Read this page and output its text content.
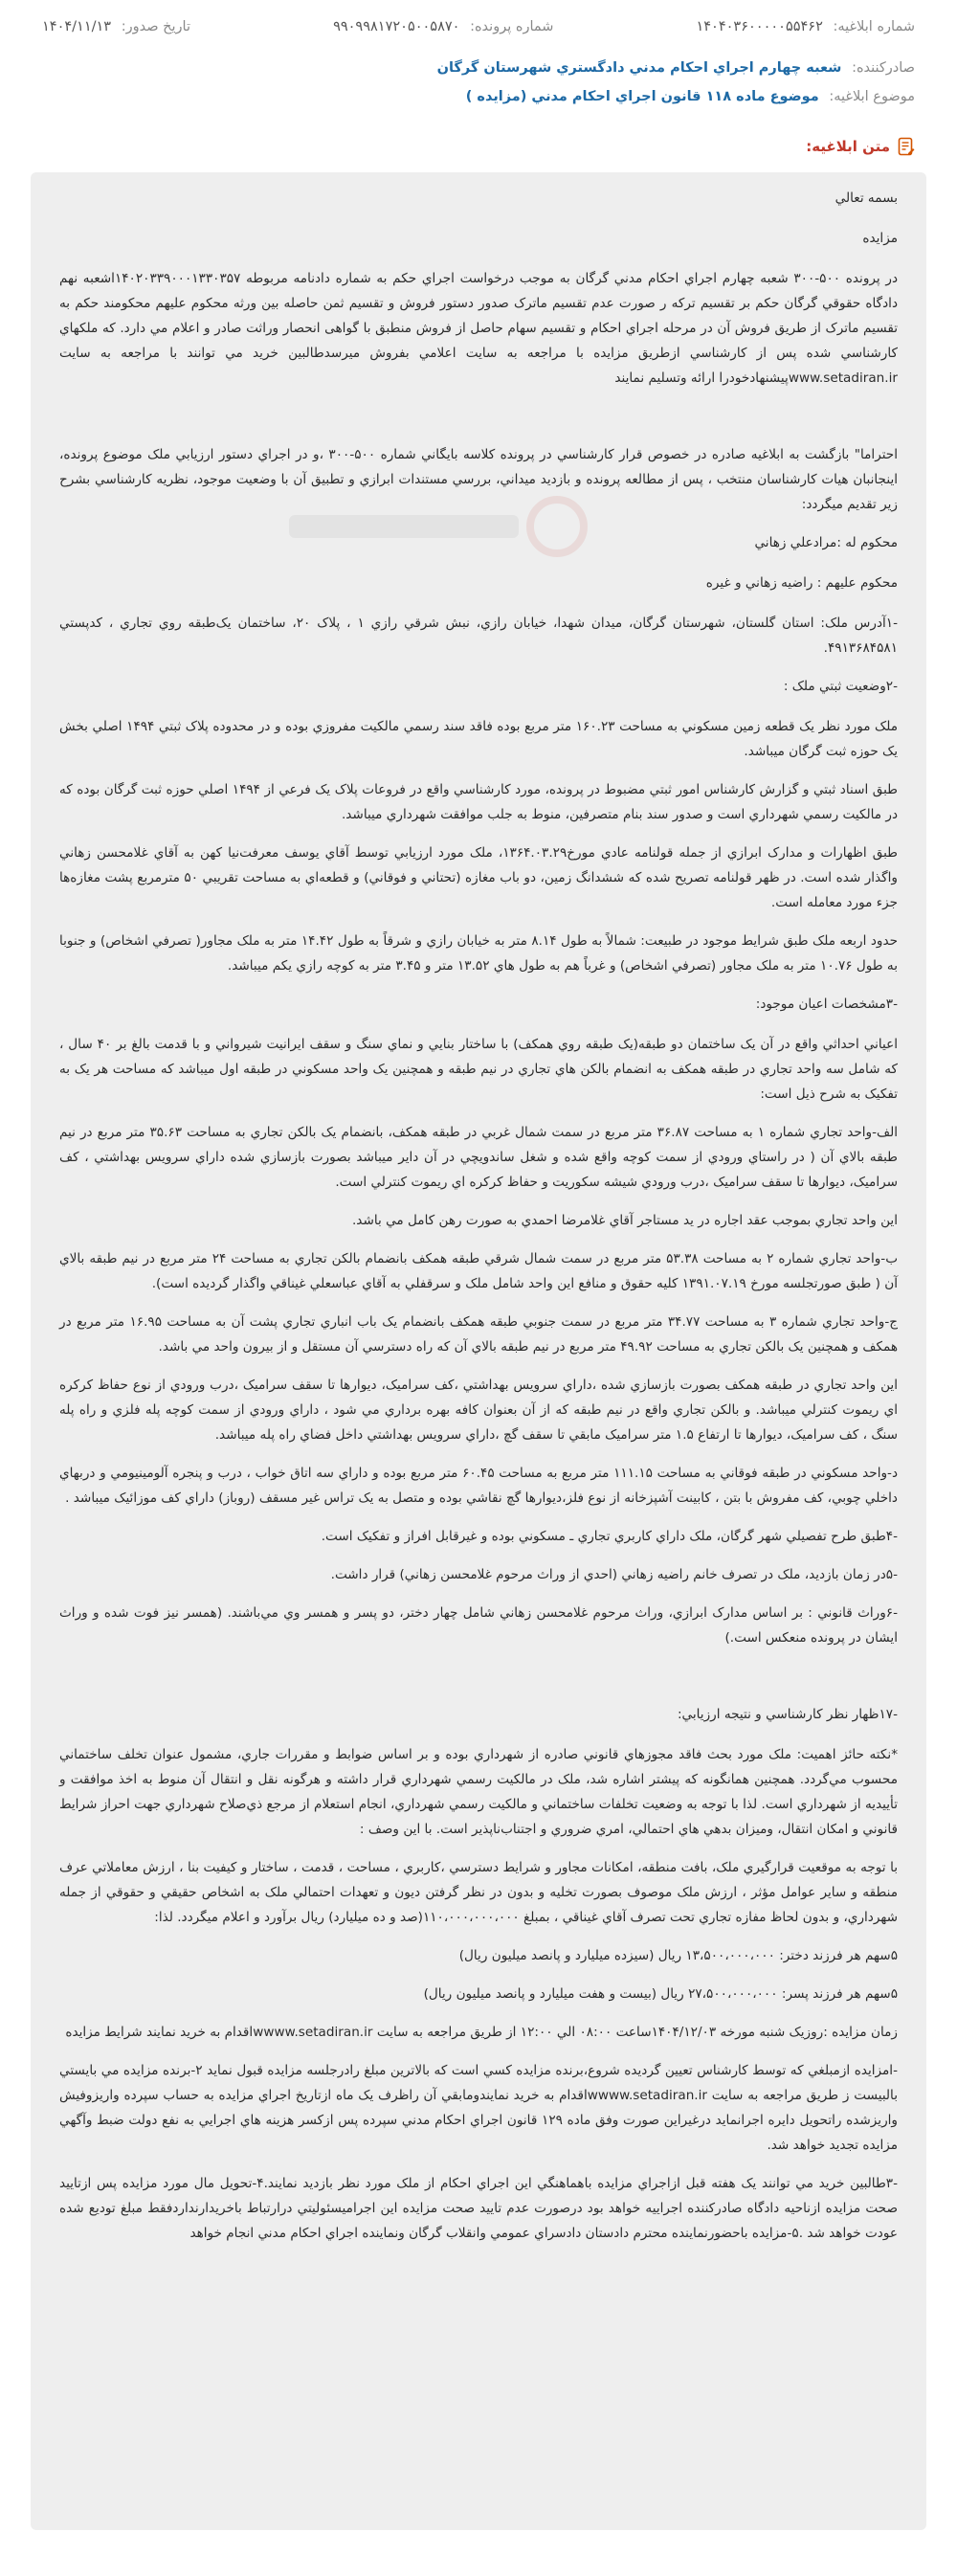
شماره ابلاغیه: ۱۴۰۴۰۳۶۰۰۰۰۰۵۵۴۶۲
شماره پرونده: ۹۹۰۹۹۸۱۷۲۰۵۰۰۵۸۷۰
تاریخ صدور: ۱۴۰۴/۱۱/۱۳
صادرکننده: شعبه چهارم اجراي احکام مدني دادگستري شهرستان گرگان
موضوع ابلاغیه: موضوع ماده ۱۱۸ قانون اجراي احکام مدني (مزايده )
متن ابلاغیه:

بسمه تعالي

مزايده

در پرونده ۵۰۰-۳۰۰ شعبه چهارم اجراي احکام مدني گرگان به موجب درخواست اجراي حکم به شماره دادنامه مربوطه ۱۴۰۲۰۳۳۹۰۰۰۱۳۳۰۳۵۷اشعبه نهم دادگاه حقوقي گرگان حکم بر تقسیم ترکه ر صورت عدم تقسیم ماترک صدور دستور فروش و تقسیم ثمن حاصله بین ورثه محکوم علیهم محکومند حکم به تقسیم ماترک از طريق فروش آن در مرحله اجراي احکام و تقسیم سهام حاصل از فروش منطبق با گواهی انحصار وراثت صادر و اعلام مي دارد. که ملکهاي کارشناسي شده پس از کارشناسي ازطريق مزايده با مراجعه به سايت اعلامي بفروش ميرسدطالبين خريد مي توانند با مراجعه به سايت www.setadiran.irپیشنهادخودرا ارائه وتسليم نمايند

احتراما" بازگشت به ابلاغيه صادره در خصوص قرار کارشناسي در پرونده کلاسه بايگاني شماره ۵۰۰-۳۰۰ ،و در اجراي دستور ارزيابي ملک موضوع پرونده، اينجانبان هيات کارشناسان منتخب ، پس از مطالعه پرونده و بازديد ميداني، بررسي مستندات ابرازي و تطبيق آن با وضعيت موجود، نظريه کارشناسي بشرح زير تقديم ميگردد:

محکوم له :مرادعلي زهاني

محکوم عليهم : راضيه زهاني و غيره

-۱آدرس ملک: استان گلستان، شهرستان گرگان، ميدان شهدا، خيابان رازي، نبش شرقي رازي ۱ ، پلاک ۲۰، ساختمان يک‌طبقه روي تجاري ، کدپستي ۴۹۱۳۶۸۴۵۸۱.

-۲وضعيت ثبتي ملک :

ملک مورد نظر يک قطعه زمين مسکوني به مساحت ۱۶۰.۲۳ متر مربع بوده فاقد سند رسمي مالکيت مفروزي بوده و در محدوده پلاک ثبتي ۱۴۹۴ اصلي بخش يک حوزه ثبت گرگان ميباشد.

طبق اسناد ثبتي و گزارش کارشناس امور ثبتي مضبوط در پرونده، مورد کارشناسي واقع در فروعات پلاک يک فرعي از ۱۴۹۴ اصلي حوزه ثبت گرگان بوده که در مالکيت رسمي شهرداري است و صدور سند بنام متصرفين، منوط به جلب موافقت شهرداري ميباشد.

طبق اظهارات و مدارک ابرازي از جمله قولنامه عادي مورخ۱۳۶۴.۰۳.۲۹، ملک مورد ارزيابي توسط آقاي يوسف معرفت‌نيا کهن به آقاي غلامحسن زهاني واگذار شده است. در ظهر قولنامه تصريح شده که ششدانگ زمين، دو باب مغازه (تحتاني و فوقاني) و قطعه‌اي به مساحت تقريبي ۵۰ مترمربع پشت مغازه‌ها جزء مورد معامله است.

حدود اربعه ملک طبق شرايط موجود در طبيعت: شمالاً به طول ۸.۱۴ متر به خيابان رازي و شرقاً به طول ۱۴.۴۲ متر به ملک مجاور( تصرفي اشخاص) و جنوبا به طول ۱۰.۷۶ متر به ملک مجاور (تصرفي اشخاص) و غرباً هم به طول هاي ۱۳.۵۲ متر و ۳.۴۵ متر به کوچه رازي يکم ميباشد.

-۳مشخصات اعيان موجود:

اعياني احداثي واقع در آن يک ساختمان دو طبقه(يک طبقه روي همکف) با ساختار بنايي و نماي سنگ و سقف ايرانيت شيرواني و با قدمت بالغ بر ۴۰ سال ، که شامل سه واحد تجاري در طبقه همکف به انضمام بالکن هاي تجاري در نيم طبقه و همچنين يک واحد مسکوني در طبقه اول ميباشد که مساحت هر يک به تفکيک به شرح ذيل است:

الف-واحد تجاري شماره ۱ به مساحت ۳۶.۸۷ متر مربع در سمت شمال غربي در طبقه همکف، بانضمام يک بالکن تجاري به مساحت ۳۵.۶۳ متر مربع در نيم طبقه بالاي آن ( در راستاي ورودي از سمت کوچه واقع شده و شغل ساندويچي در آن داير ميباشد بصورت بازسازي شده داراي سرويس بهداشتي ، کف سراميک، ديوارها تا سقف سراميک ،درب ورودي شيشه سکوريت و حفاظ کرکره اي ريموت کنترلي است.

اين واحد تجاري بموجب عقد اجاره در يد مستاجر آقاي غلامرضا احمدي به صورت رهن کامل مي باشد.

ب-واحد تجاري شماره ۲ به مساحت ۵۳.۳۸ متر مربع در سمت شمال شرقي طبقه همکف بانضمام بالکن تجاري به مساحت ۲۴ متر مربع در نيم طبقه بالاي آن ( طبق صورتجلسه مورخ ۱۳۹۱.۰۷.۱۹ کليه حقوق و منافع اين واحد شامل ملک و سرقفلي به آقاي عباسعلي غيناقي واگذار گرديده است).

ج-واحد تجاري شماره ۳ به مساحت ۳۴.۷۷ متر مربع در سمت جنوبي طبقه همکف بانضمام يک باب انباري تجاري پشت آن به مساحت ۱۶.۹۵ متر مربع در همکف و همچنين يک بالکن تجاري به مساحت ۴۹.۹۲ متر مربع در نيم طبقه بالاي آن که راه دسترسي آن مستقل و از بيرون واحد مي باشد.

اين واحد تجاري در طبقه همکف بصورت بازسازي شده ،داراي سرويس بهداشتي ،کف سراميک، ديوارها تا سقف سراميک ،درب ورودي از نوع حفاظ کرکره اي ريموت کنترلي ميباشد. و بالکن تجاري واقع در نيم طبقه که از آن بعنوان کافه بهره برداري مي شود ، داراي ورودي از سمت کوچه پله فلزي و راه پله سنگ ، کف سراميک، ديوارها تا ارتفاع ۱.۵ متر سراميک مابقي تا سقف گچ ،داراي سرويس بهداشتي داخل فضاي راه پله ميباشد.

د-واحد مسکوني در طبقه فوقاني به مساحت ۱۱۱.۱۵ متر مربع به مساحت ۶۰.۴۵ متر مربع بوده و داراي سه اتاق خواب ، درب و پنجره آلومينيومي و دربهاي داخلي چوبي، کف مفروش با بتن ، کابينت آشپزخانه از نوع فلز،ديوارها گچ نقاشي بوده و متصل به يک تراس غير مسقف (روباز) داراي کف موزائيک ميباشد .

-۴طبق طرح تفصيلي شهر گرگان، ملک داراي کاربري تجاري ـ مسکوني بوده و غيرقابل افراز و تفکيک است.

-۵در زمان بازديد، ملک در تصرف خانم راضيه زهاني (احدي از وراث مرحوم غلامحسن زهاني) قرار داشت.

-۶وراث قانوني : بر اساس مدارک ابرازي، وراث مرحوم غلامحسن زهاني شامل چهار دختر، دو پسر و همسر وي مي‌باشند. (همسر نيز فوت شده و وراث ايشان در پرونده منعکس است.)

-۱۷ظهار نظر کارشناسي و نتيجه ارزيابي:

*نکته حائز اهميت: ملک مورد بحث فاقد مجوزهاي قانوني صادره از شهرداري بوده و بر اساس ضوابط و مقررات جاري، مشمول عنوان تخلف ساختماني محسوب مي‌گردد. همچنين همانگونه که پيشتر اشاره شد، ملک در مالکيت رسمي شهرداري قرار داشته و هرگونه نقل و انتقال آن منوط به اخذ موافقت و تأييديه از شهرداري است. لذا با توجه به وضعيت تخلفات ساختماني و مالکيت رسمي شهرداري، انجام استعلام از مرجع ذي‌صلاح شهرداري جهت احراز شرايط قانوني و امکان انتقال، وميزان بدهي هاي احتمالي، امري ضروري و اجتناب‌ناپذير است. با اين وصف :

با توجه به موقعيت قرارگيري ملک، بافت منطقه، امکانات مجاور و شرايط دسترسي ،کاربري ، مساحت ، قدمت ، ساختار و کيفيت بنا ، ارزش معاملاتي عرف منطقه و ساير عوامل مؤثر ، ارزش ملک موصوف بصورت تخليه و بدون در نظر گرفتن ديون و تعهدات احتمالي ملک به اشخاص حقيقي و حقوقي از جمله شهرداري، و بدون لحاظ مفازه تجاري تحت تصرف آقاي غيناقي ، بمبلغ ۱۱۰،۰۰۰،۰۰۰،۰۰۰(صد و ده ميليارد) ريال برآورد و اعلام ميگردد. لذا:

۵سهم هر فرزند دختر: ۱۳،۵۰۰،۰۰۰،۰۰۰ ريال (سيزده ميليارد و پانصد ميليون ريال)

۵سهم هر فرزند پسر: ۲۷،۵۰۰،۰۰۰،۰۰۰ ريال (بيست و هفت ميليارد و پانصد ميليون ريال)

زمان مزايده :روزيک شنبه مورخه ۱۴۰۴/۱۲/۰۳ساعت ۰۸:۰۰ الي ۱۲:۰۰ از طريق مراجعه به سايت wwww.setadiran.irاقدام به خريد نمايند شرايط مزايده

-امزايده ازمبلغي که توسط کارشناس تعيين گرديده شروع،برنده مزايده کسي است که بالاترين مبلغ رادرجلسه مزايده قبول نمايد ۲-برنده مزايده مي بايستي بالبيست ز طريق مراجعه به سايت wwww.setadiran.irاقدام به خريد نمايندومابقي آن راظرف يک ماه ازتاريخ اجراي مزايده به حساب سپرده واريزوفيش واريزشده راتحويل دايره اجرانمايد درغيراين صورت وفق ماده ۱۲۹ قانون اجراي احکام مدني سپرده پس ازکسر هزينه هاي اجرايي به نفع دولت ضبط وآگهي مزايده تجديد خواهد شد.

-۳طالبين خريد مي توانند يک هفته قبل ازاجراي مزايده باهماهنگي اين اجراي احکام از ملک مورد نظر بازديد نمايند.۴-تحويل مال مورد مزايده پس ازتاييد صحت مزايده ازناحيه دادگاه صادرکننده اجراييه خواهد بود درصورت عدم تاييد صحت مزايده اين اجراميسئوليتي درارتباط باخريدارنداردفقط مبلغ توديع شده عودت خواهد شد .۵-مزايده باحضورنماينده محترم دادستان دادسراي عمومي وانقلاب گرگان ونماينده اجراي احکام مدني انجام خواهد
